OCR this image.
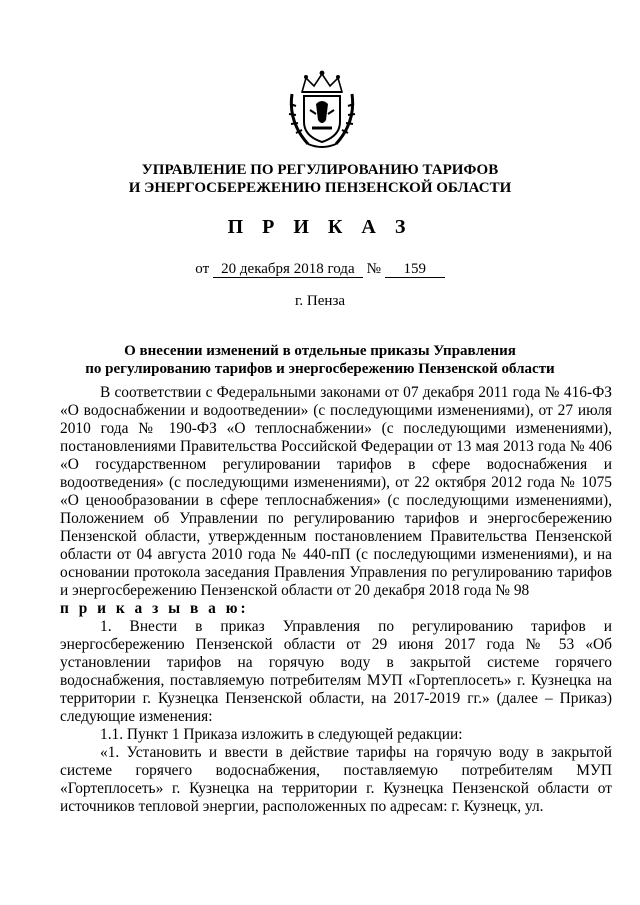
УПРАВЛЕНИЕ ПО РЕГУЛИРОВАНИЮ ТАРИФОВ
И ЭНЕРГОСБЕРЕЖЕНИЮ ПЕНЗЕНСКОЙ ОБЛАСТИ
П Р И К А З
от 20 декабря 2018 года № 159
г. Пенза
О внесении изменений в отдельные приказы Управления
по регулированию тарифов и энергосбережению Пензенской области

В соответствии с Федеральными законами от 07 декабря 2011 года № 416-ФЗ «О водоснабжении и водоотведении» (с последующими изменениями), от 27 июля 2010 года № 190-ФЗ «О теплоснабжении» (с последующими изменениями), постановлениями Правительства Российской Федерации от 13 мая 2013 года № 406 «О государственном регулировании тарифов в сфере водоснабжения и водоотведения» (с последующими изменениями), от 22 октября 2012 года № 1075 «О ценообразовании в сфере теплоснабжения» (с последующими изменениями), Положением об Управлении по регулированию тарифов и энергосбережению Пензенской области, утвержденным постановлением Правительства Пензенской области от 04 августа 2010 года № 440-пП (с последующими изменениями), и на основании протокола заседания Правления Управления по регулированию тарифов и энергосбережению Пензенской области от 20 декабря 2018 года № 98

п р и к а з ы в а ю:

1. Внести в приказ Управления по регулированию тарифов и энергосбережению Пензенской области от 29 июня 2017 года № 53 «Об установлении тарифов на горячую воду в закрытой системе горячего водоснабжения, поставляемую потребителям МУП «Гортеплосеть» г. Кузнецка на территории г. Кузнецка Пензенской области, на 2017-2019 гг.» (далее – Приказ) следующие изменения:

1.1. Пункт 1 Приказа изложить в следующей редакции:

«1. Установить и ввести в действие тарифы на горячую воду в закрытой системе горячего водоснабжения, поставляемую потребителям МУП «Гортеплосеть» г. Кузнецка на территории г. Кузнецка Пензенской области от источников тепловой энергии, расположенных по адресам: г. Кузнецк, ул.
